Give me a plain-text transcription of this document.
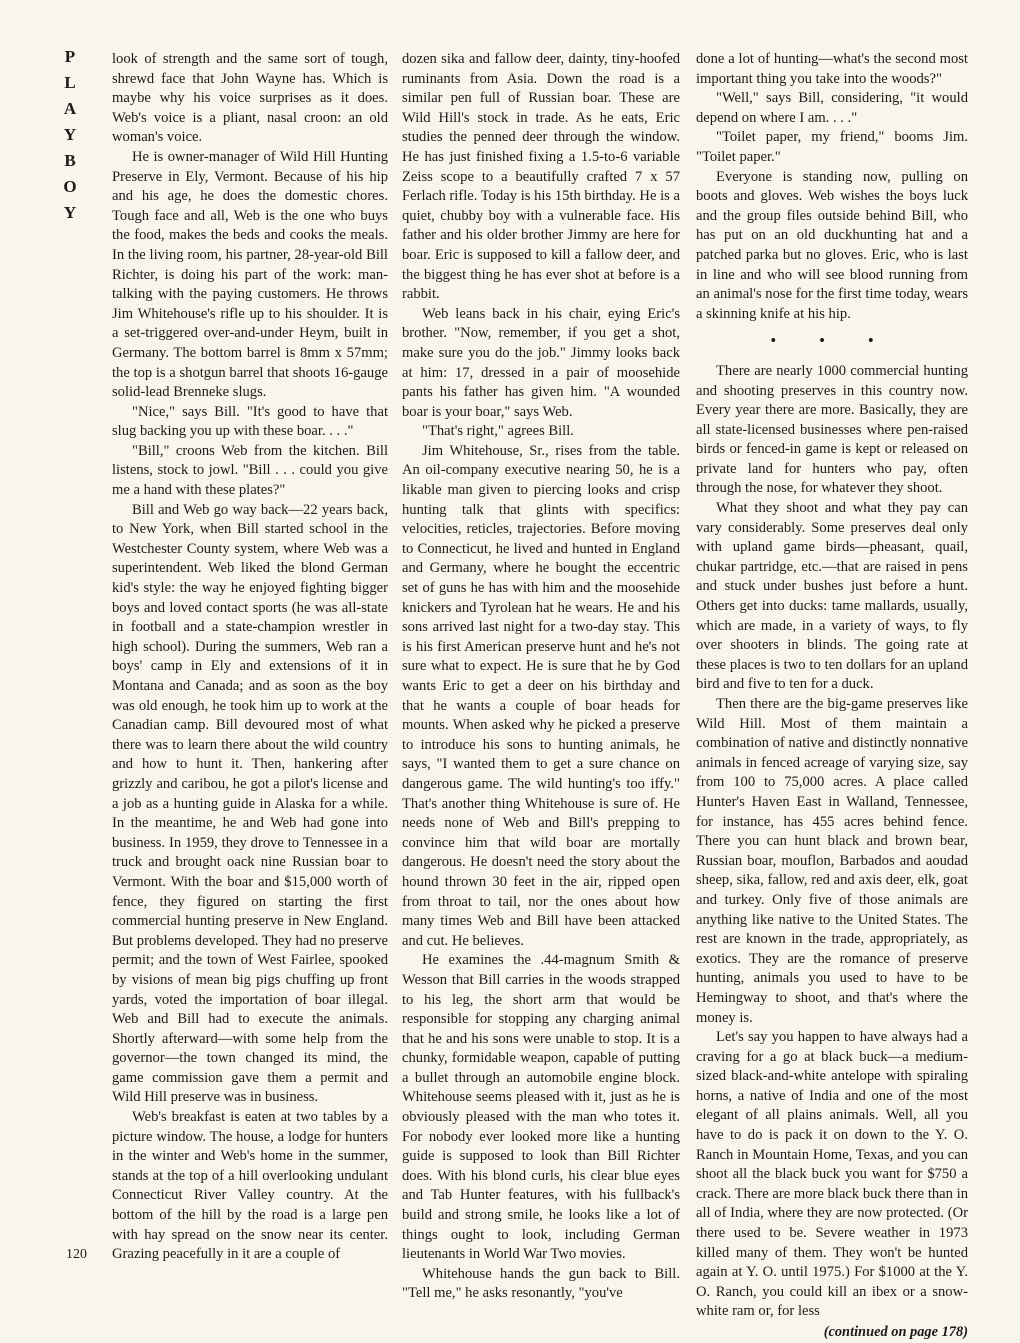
P
L
A
Y
B
O
Y

look of strength and the same sort of tough, shrewd face that John Wayne has. Which is maybe why his voice surprises as it does. Web's voice is a pliant, nasal croon: an old woman's voice.

He is owner-manager of Wild Hill Hunting Preserve in Ely, Vermont. Because of his hip and his age, he does the domestic chores. Tough face and all, Web is the one who buys the food, makes the beds and cooks the meals. In the living room, his partner, 28-year-old Bill Richter, is doing his part of the work: man-talking with the paying customers. He throws Jim Whitehouse's rifle up to his shoulder. It is a set-triggered over-and-under Heym, built in Germany. The bottom barrel is 8mm x 57mm; the top is a shotgun barrel that shoots 16-gauge solid-lead Brenneke slugs.

"Nice," says Bill. "It's good to have that slug backing you up with these boar. . . ."

"Bill," croons Web from the kitchen. Bill listens, stock to jowl. "Bill . . . could you give me a hand with these plates?"

Bill and Web go way back—22 years back, to New York, when Bill started school in the Westchester County system, where Web was a superintendent. Web liked the blond German kid's style: the way he enjoyed fighting bigger boys and loved contact sports (he was all-state in football and a state-champion wrestler in high school). During the summers, Web ran a boys' camp in Ely and extensions of it in Montana and Canada; and as soon as the boy was old enough, he took him up to work at the Canadian camp. Bill devoured most of what there was to learn there about the wild country and how to hunt it. Then, hankering after grizzly and caribou, he got a pilot's license and a job as a hunting guide in Alaska for a while. In the meantime, he and Web had gone into business. In 1959, they drove to Tennessee in a truck and brought oack nine Russian boar to Vermont. With the boar and $15,000 worth of fence, they figured on starting the first commercial hunting preserve in New England. But problems developed. They had no preserve permit; and the town of West Fairlee, spooked by visions of mean big pigs chuffing up front yards, voted the importation of boar illegal. Web and Bill had to execute the animals. Shortly afterward—with some help from the governor—the town changed its mind, the game commission gave them a permit and Wild Hill preserve was in business.

Web's breakfast is eaten at two tables by a picture window. The house, a lodge for hunters in the winter and Web's home in the summer, stands at the top of a hill overlooking undulant Connecticut River Valley country. At the bottom of the hill by the road is a large pen with hay spread on the snow near its center. Grazing peacefully in it are a couple of

dozen sika and fallow deer, dainty, tiny-hoofed ruminants from Asia. Down the road is a similar pen full of Russian boar. These are Wild Hill's stock in trade. As he eats, Eric studies the penned deer through the window. He has just finished fixing a 1.5-to-6 variable Zeiss scope to a beautifully crafted 7 x 57 Ferlach rifle. Today is his 15th birthday. He is a quiet, chubby boy with a vulnerable face. His father and his older brother Jimmy are here for boar. Eric is supposed to kill a fallow deer, and the biggest thing he has ever shot at before is a rabbit.

Web leans back in his chair, eying Eric's brother. "Now, remember, if you get a shot, make sure you do the job." Jimmy looks back at him: 17, dressed in a pair of moosehide pants his father has given him. "A wounded boar is your boar," says Web.

"That's right," agrees Bill.

Jim Whitehouse, Sr., rises from the table. An oil-company executive nearing 50, he is a likable man given to piercing looks and crisp hunting talk that glints with specifics: velocities, reticles, trajectories. Before moving to Connecticut, he lived and hunted in England and Germany, where he bought the eccentric set of guns he has with him and the moosehide knickers and Tyrolean hat he wears. He and his sons arrived last night for a two-day stay. This is his first American preserve hunt and he's not sure what to expect. He is sure that he by God wants Eric to get a deer on his birthday and that he wants a couple of boar heads for mounts. When asked why he picked a preserve to introduce his sons to hunting animals, he says, "I wanted them to get a sure chance on dangerous game. The wild hunting's too iffy." That's another thing Whitehouse is sure of. He needs none of Web and Bill's prepping to convince him that wild boar are mortally dangerous. He doesn't need the story about the hound thrown 30 feet in the air, ripped open from throat to tail, nor the ones about how many times Web and Bill have been attacked and cut. He believes.

He examines the .44-magnum Smith & Wesson that Bill carries in the woods strapped to his leg, the short arm that would be responsible for stopping any charging animal that he and his sons were unable to stop. It is a chunky, formidable weapon, capable of putting a bullet through an automobile engine block. Whitehouse seems pleased with it, just as he is obviously pleased with the man who totes it. For nobody ever looked more like a hunting guide is supposed to look than Bill Richter does. With his blond curls, his clear blue eyes and Tab Hunter features, with his fullback's build and strong smile, he looks like a lot of things ought to look, including German lieutenants in World War Two movies.

Whitehouse hands the gun back to Bill. "Tell me," he asks resonantly, "you've

done a lot of hunting—what's the second most important thing you take into the woods?"

"Well," says Bill, considering, "it would depend on where I am. . . ."

"Toilet paper, my friend," booms Jim. "Toilet paper."

Everyone is standing now, pulling on boots and gloves. Web wishes the boys luck and the group files outside behind Bill, who has put on an old duckhunting hat and a patched parka but no gloves. Eric, who is last in line and who will see blood running from an animal's nose for the first time today, wears a skinning knife at his hip.

• • •

There are nearly 1000 commercial hunting and shooting preserves in this country now. Every year there are more. Basically, they are all state-licensed businesses where pen-raised birds or fenced-in game is kept or released on private land for hunters who pay, often through the nose, for whatever they shoot.

What they shoot and what they pay can vary considerably. Some preserves deal only with upland game birds—pheasant, quail, chukar partridge, etc.—that are raised in pens and stuck under bushes just before a hunt. Others get into ducks: tame mallards, usually, which are made, in a variety of ways, to fly over shooters in blinds. The going rate at these places is two to ten dollars for an upland bird and five to ten for a duck.

Then there are the big-game preserves like Wild Hill. Most of them maintain a combination of native and distinctly nonnative animals in fenced acreage of varying size, say from 100 to 75,000 acres. A place called Hunter's Haven East in Walland, Tennessee, for instance, has 455 acres behind fence. There you can hunt black and brown bear, Russian boar, mouflon, Barbados and aoudad sheep, sika, fallow, red and axis deer, elk, goat and turkey. Only five of those animals are anything like native to the United States. The rest are known in the trade, appropriately, as exotics. They are the romance of preserve hunting, animals you used to have to be Hemingway to shoot, and that's where the money is.

Let's say you happen to have always had a craving for a go at black buck—a medium-sized black-and-white antelope with spiraling horns, a native of India and one of the most elegant of all plains animals. Well, all you have to do is pack it on down to the Y. O. Ranch in Mountain Home, Texas, and you can shoot all the black buck you want for $750 a crack. There are more black buck there than in all of India, where they are now protected. (Or there used to be. Severe weather in 1973 killed many of them. They won't be hunted again at Y. O. until 1975.) For $1000 at the Y. O. Ranch, you could kill an ibex or a snow-white ram or, for less

(continued on page 178)
120
